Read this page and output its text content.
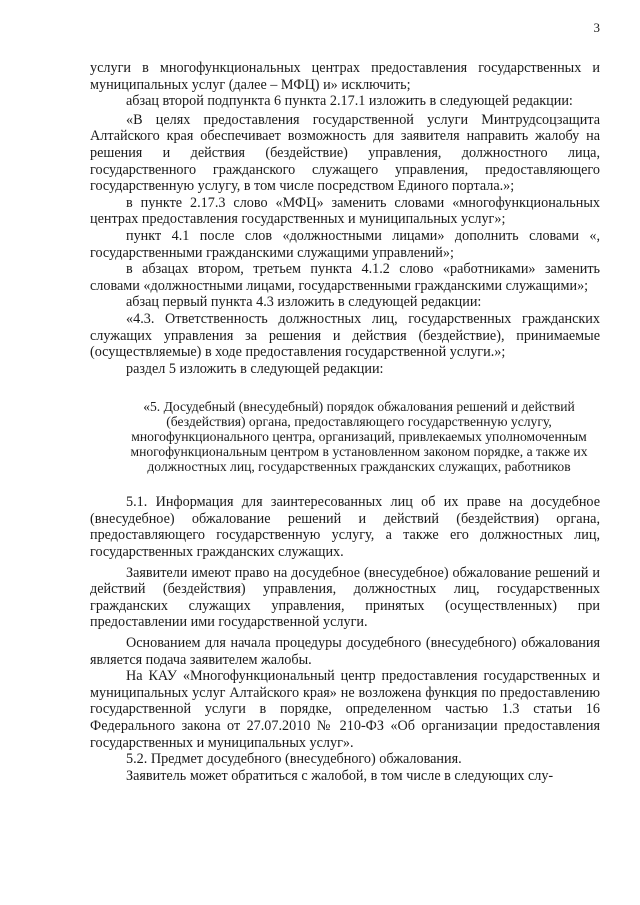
3

услуги в многофункциональных центрах предоставления государственных и муниципальных услуг (далее – МФЦ) и» исключить;

абзац второй подпункта 6 пункта 2.17.1 изложить в следующей редакции:

«В целях предоставления государственной услуги Минтрудсоцзащита Алтайского края обеспечивает возможность для заявителя направить жалобу на решения и действия (бездействие) управления, должностного лица, государственного гражданского служащего управления, предоставляющего государственную услугу, в том числе посредством Единого портала.»;

в пункте 2.17.3 слово «МФЦ» заменить словами «многофункциональных центрах предоставления государственных и муниципальных услуг»;

пункт 4.1 после слов «должностными лицами» дополнить словами «, государственными гражданскими служащими управлений»;

в абзацах втором, третьем пункта 4.1.2 слово «работниками» заменить словами «должностными лицами, государственными гражданскими служащими»;

абзац первый пункта 4.3 изложить в следующей редакции:

«4.3. Ответственность должностных лиц, государственных гражданских служащих управления за решения и действия (бездействие), принимаемые (осуществляемые) в ходе предоставления государственной услуги.»;

раздел 5 изложить в следующей редакции:

«5. Досудебный (внесудебный) порядок обжалования решений и действий (бездействия) органа, предоставляющего государственную услугу, многофункционального центра, организаций, привлекаемых уполномоченным многофункциональным центром в установленном законом порядке, а также их должностных лиц, государственных гражданских служащих, работников

5.1. Информация для заинтересованных лиц об их праве на досудебное (внесудебное) обжалование решений и действий (бездействия) органа, предоставляющего государственную услугу, а также его должностных лиц, государственных гражданских служащих.

Заявители имеют право на досудебное (внесудебное) обжалование решений и действий (бездействия) управления, должностных лиц, государственных гражданских служащих управления, принятых (осуществленных) при предоставлении ими государственной услуги.

Основанием для начала процедуры досудебного (внесудебного) обжалования является подача заявителем жалобы.

На КАУ «Многофункциональный центр предоставления государственных и муниципальных услуг Алтайского края» не возложена функция по предоставлению государственной услуги в порядке, определенном частью 1.3 статьи 16 Федерального закона от 27.07.2010 № 210-ФЗ «Об организации предоставления государственных и муниципальных услуг».

5.2. Предмет досудебного (внесудебного) обжалования.

Заявитель может обратиться с жалобой, в том числе в следующих слу-
